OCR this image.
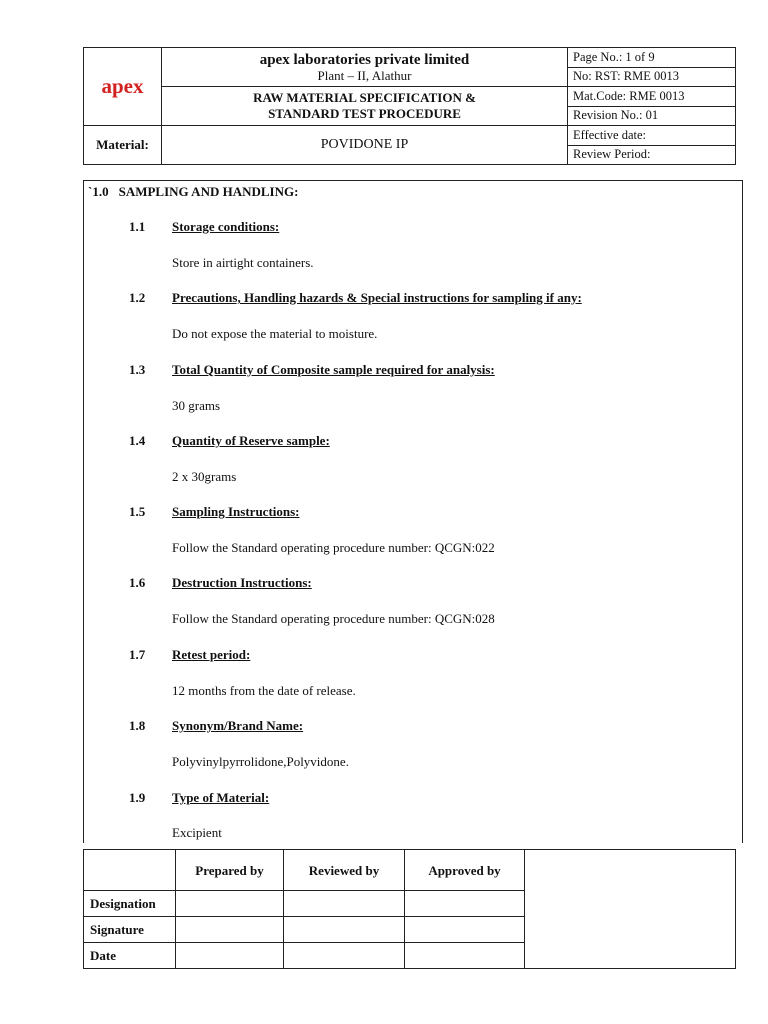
apex	apex laboratories private limited
Plant – II, Alathur	Page No.: 1 of 9
		No: RST: RME 0013

	RAW MATERIAL SPECIFICATION &
STANDARD TEST PROCEDURE	Mat.Code: RME 0013
		Revision No.: 01
Material:	POVIDONE IP	Effective date:
		Review Period:
`1.0 SAMPLING AND HANDLING:
1.1 Storage conditions:
Store in airtight containers.
1.2 Precautions, Handling hazards & Special instructions for sampling if any:
Do not expose the material to moisture.
1.3 Total Quantity of Composite sample required for analysis:
30 grams
1.4 Quantity of Reserve sample:
2 x 30grams
1.5 Sampling Instructions:
Follow the Standard operating procedure number: QCGN:022
1.6 Destruction Instructions:
Follow the Standard operating procedure number: QCGN:028
1.7 Retest period:
12 months from the date of release.
1.8 Synonym/Brand Name:
Polyvinylpyrrolidone,Polyvidone.
1.9 Type of Material:
Excipient
	Prepared by	Reviewed by	Approved by	
Designation				
Signature				
Date				
